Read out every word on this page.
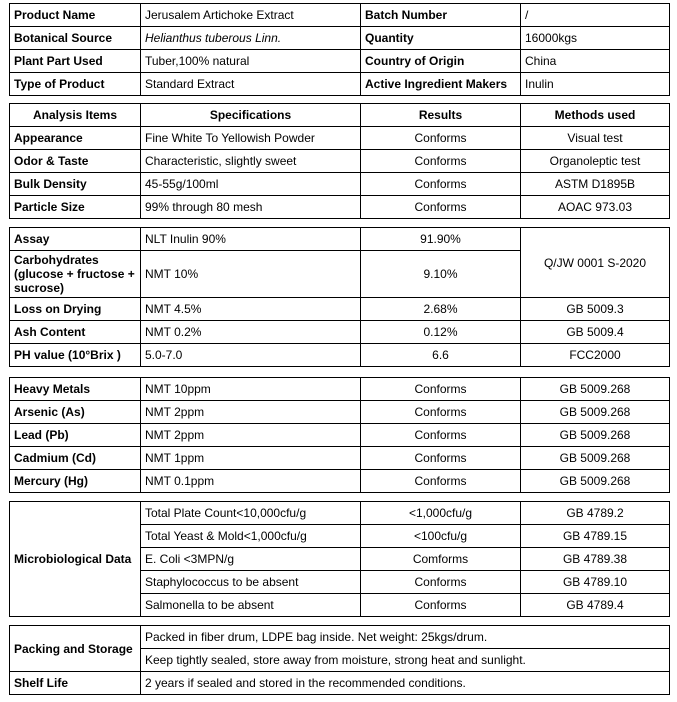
Product Name	Jerusalem Artichoke Extract	Batch Number	/
Botanical Source	Helianthus tuberous Linn.	Quantity	16000kgs
Plant Part Used	Tuber,100% natural	Country of Origin	China
Type of Product	Standard Extract	Active Ingredient Makers	Inulin
Analysis Items	Specifications	Results	Methods used
Appearance	Fine White To Yellowish Powder	Conforms	Visual test
Odor & Taste	Characteristic, slightly sweet	Conforms	Organoleptic test
Bulk Density	45-55g/100ml	Conforms	ASTM D1895B
Particle Size	99% through 80 mesh	Conforms	AOAC 973.03
Assay	NLT Inulin 90%	91.90%	Q/JW 0001 S-2020
Carbohydrates (glucose + fructose + sucrose)	NMT 10%	9.10%	
Loss on Drying	NMT 4.5%	2.68%	GB 5009.3
Ash Content	NMT 0.2%	0.12%	GB 5009.4
PH value (10°Brix )	5.0-7.0	6.6	FCC2000
Heavy Metals	NMT 10ppm	Conforms	GB 5009.268
Arsenic (As)	NMT 2ppm	Conforms	GB 5009.268
Lead (Pb)	NMT 2ppm	Conforms	GB 5009.268
Cadmium (Cd)	NMT 1ppm	Conforms	GB 5009.268
Mercury (Hg)	NMT 0.1ppm	Conforms	GB 5009.268
Microbiological Data	Total Plate Count<10,000cfu/g	<1,000cfu/g	GB 4789.2
	Total Yeast & Mold<1,000cfu/g	<100cfu/g	GB 4789.15
	E. Coli <3MPN/g	Comforms	GB 4789.38
	Staphylococcus to be absent	Conforms	GB 4789.10
	Salmonella to be absent	Conforms	GB 4789.4
Packing and Storage	Packed in fiber drum, LDPE bag inside. Net weight: 25kgs/drum.
	Keep tightly sealed, store away from moisture, strong heat and sunlight.
Shelf Life	2 years if sealed and stored in the recommended conditions.
